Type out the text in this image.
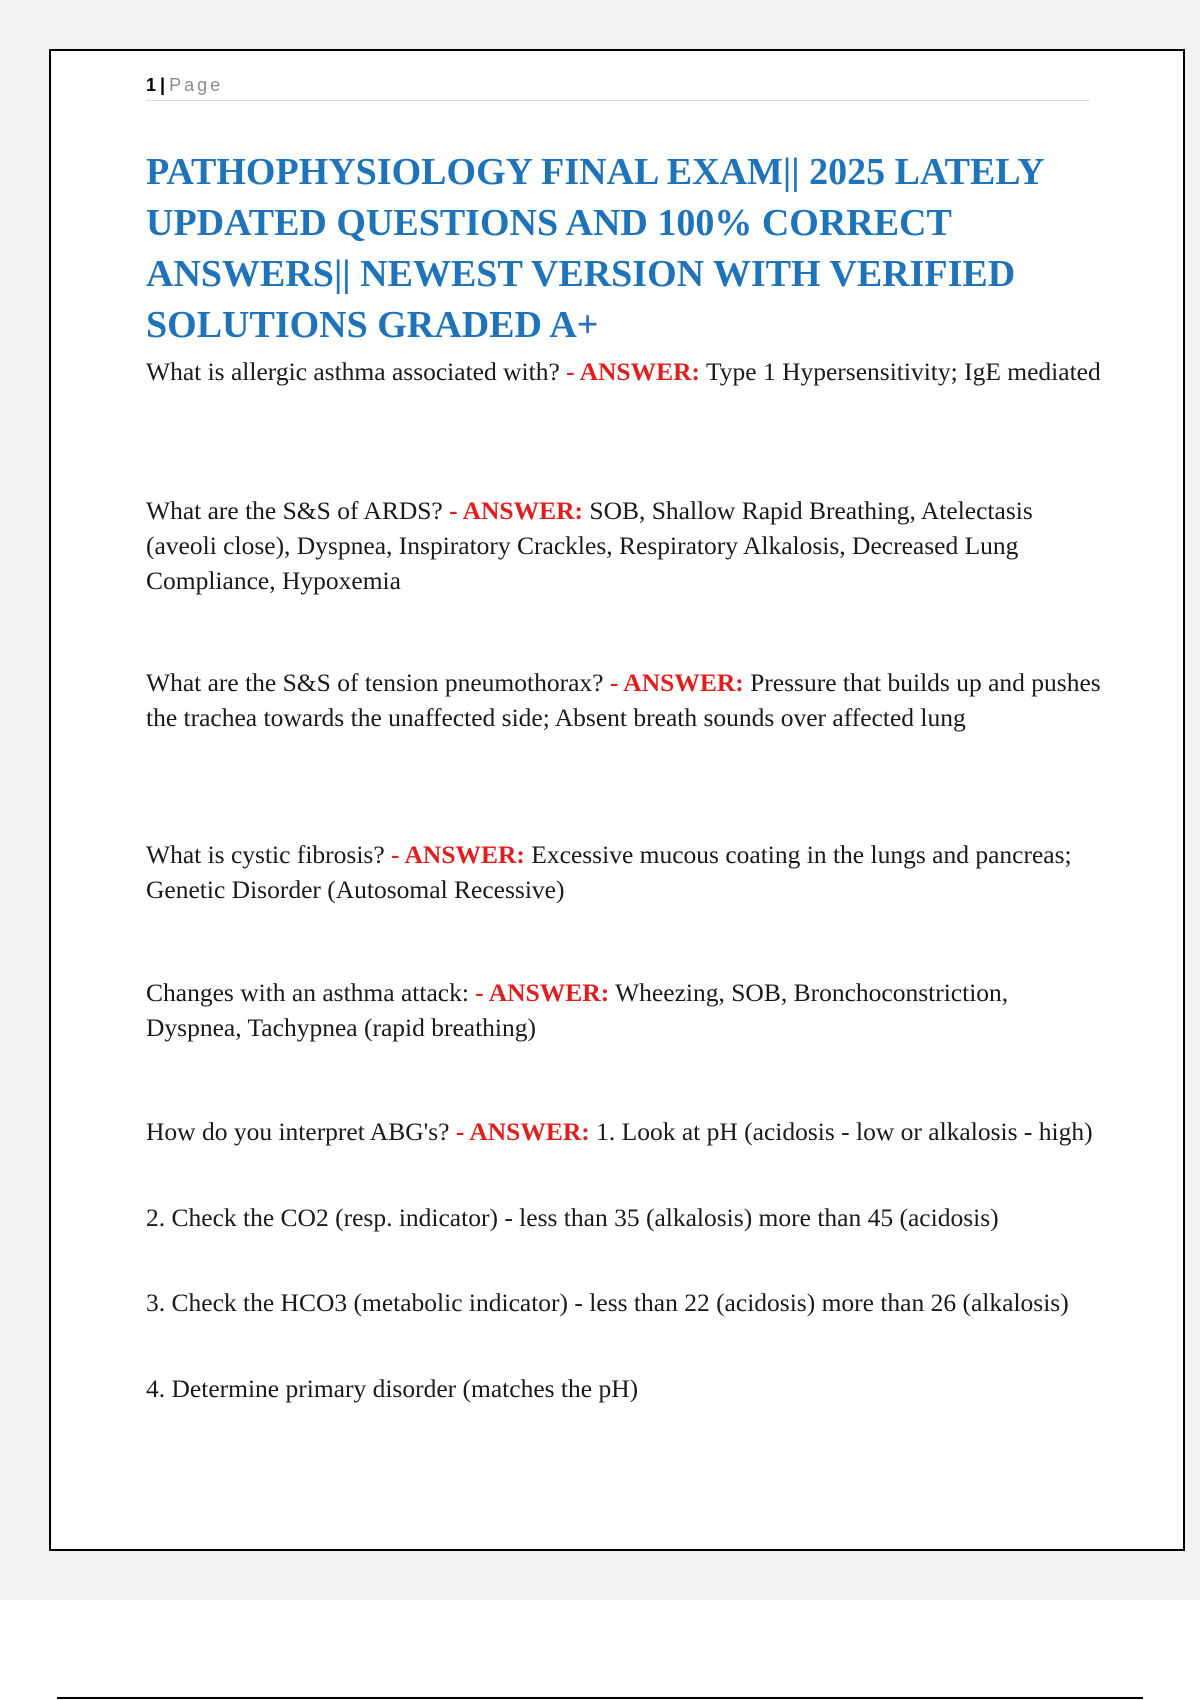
1 | Page
PATHOPHYSIOLOGY FINAL EXAM|| 2025 LATELY UPDATED QUESTIONS AND 100% CORRECT ANSWERS|| NEWEST VERSION WITH VERIFIED SOLUTIONS GRADED A+

What is allergic asthma associated with? - ANSWER: Type 1 Hypersensitivity; IgE mediated

What are the S&S of ARDS? - ANSWER: SOB, Shallow Rapid Breathing, Atelectasis (aveoli close), Dyspnea, Inspiratory Crackles, Respiratory Alkalosis, Decreased Lung Compliance, Hypoxemia

What are the S&S of tension pneumothorax? - ANSWER: Pressure that builds up and pushes the trachea towards the unaffected side; Absent breath sounds over affected lung

What is cystic fibrosis? - ANSWER: Excessive mucous coating in the lungs and pancreas; Genetic Disorder (Autosomal Recessive)

Changes with an asthma attack: - ANSWER: Wheezing, SOB, Bronchoconstriction, Dyspnea, Tachypnea (rapid breathing)

How do you interpret ABG's? - ANSWER: 1. Look at pH (acidosis - low or alkalosis - high)

2. Check the CO2 (resp. indicator) - less than 35 (alkalosis) more than 45 (acidosis)

3. Check the HCO3 (metabolic indicator) - less than 22 (acidosis) more than 26 (alkalosis)

4. Determine primary disorder (matches the pH)
